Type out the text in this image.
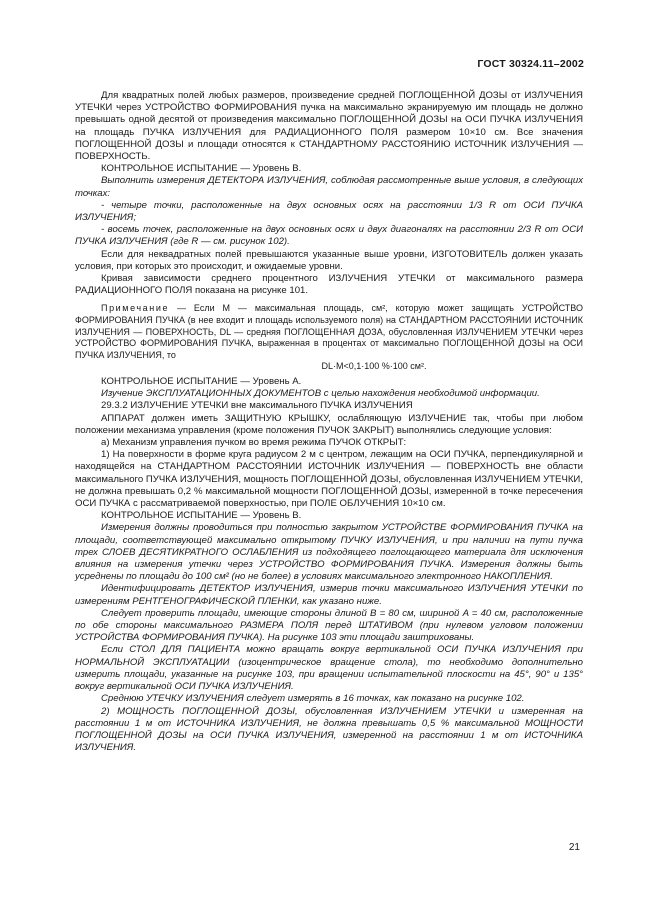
ГОСТ 30324.11–2002

Для квадратных полей любых размеров, произведение средней ПОГЛОЩЕННОЙ ДОЗЫ от ИЗЛУЧЕНИЯ УТЕЧКИ через УСТРОЙСТВО ФОРМИРОВАНИЯ пучка на максимально экранируемую им площадь не должно превышать одной десятой от произведения максимально ПОГЛОЩЕННОЙ ДОЗЫ на ОСИ ПУЧКА ИЗЛУЧЕНИЯ на площадь ПУЧКА ИЗЛУЧЕНИЯ для РАДИАЦИОННОГО ПОЛЯ размером 10×10 см. Все значения ПОГЛОЩЕННОЙ ДОЗЫ и площади относятся к СТАНДАРТНОМУ РАССТОЯНИЮ ИСТОЧНИК ИЗЛУЧЕНИЯ — ПОВЕРХНОСТЬ.

КОНТРОЛЬНОЕ ИСПЫТАНИЕ — Уровень В.

Выполнить измерения ДЕТЕКТОРА ИЗЛУЧЕНИЯ, соблюдая рассмотренные выше условия, в следующих точках:

- четыре точки, расположенные на двух основных осях на расстоянии 1/3 R от ОСИ ПУЧКА ИЗЛУЧЕНИЯ;

- восемь точек, расположенные на двух основных осях и двух диагоналях на расстоянии 2/3 R от ОСИ ПУЧКА ИЗЛУЧЕНИЯ (где R — см. рисунок 102).

Если для неквадратных полей превышаются указанные выше уровни, ИЗГОТОВИТЕЛЬ должен указать условия, при которых это происходит, и ожидаемые уровни.

Кривая зависимости среднего процентного ИЗЛУЧЕНИЯ УТЕЧКИ от максимального размера РАДИАЦИОННОГО ПОЛЯ показана на рисунке 101.

Примечание — Если M — максимальная площадь, см², которую может защищать УСТРОЙСТВО ФОРМИРОВАНИЯ ПУЧКА (в нее входит и площадь используемого поля) на СТАНДАРТНОМ РАССТОЯНИИ ИСТОЧНИК ИЗЛУЧЕНИЯ — ПОВЕРХНОСТЬ, DL — средняя ПОГЛОЩЕННАЯ ДОЗА, обусловленная ИЗЛУЧЕНИЕМ УТЕЧКИ через УСТРОЙСТВО ФОРМИРОВАНИЯ ПУЧКА, выраженная в процентах от максимально ПОГЛОЩЕННОЙ ДОЗЫ на ОСИ ПУЧКА ИЗЛУЧЕНИЯ, то

DL·M<0,1·100 %·100 см².

КОНТРОЛЬНОЕ ИСПЫТАНИЕ — Уровень А.

Изучение ЭКСПЛУАТАЦИОННЫХ ДОКУМЕНТОВ с целью нахождения необходимой информации.

29.3.2 ИЗЛУЧЕНИЕ УТЕЧКИ вне максимального ПУЧКА ИЗЛУЧЕНИЯ

АППАРАТ должен иметь ЗАЩИТНУЮ КРЫШКУ, ослабляющую ИЗЛУЧЕНИЕ так, чтобы при любом положении механизма управления (кроме положения ПУЧОК ЗАКРЫТ) выполнялись следующие условия:

а) Механизм управления пучком во время режима ПУЧОК ОТКРЫТ:

1) На поверхности в форме круга радиусом 2 м с центром, лежащим на ОСИ ПУЧКА, перпендикулярной и находящейся на СТАНДАРТНОМ РАССТОЯНИИ ИСТОЧНИК ИЗЛУЧЕНИЯ — ПОВЕРХНОСТЬ вне области максимального ПУЧКА ИЗЛУЧЕНИЯ, мощность ПОГЛОЩЕННОЙ ДОЗЫ, обусловленная ИЗЛУЧЕНИЕМ УТЕЧКИ, не должна превышать 0,2 % максимальной мощности ПОГЛОЩЕННОЙ ДОЗЫ, измеренной в точке пересечения ОСИ ПУЧКА с рассматриваемой поверхностью, при ПОЛЕ ОБЛУЧЕНИЯ 10×10 см.

КОНТРОЛЬНОЕ ИСПЫТАНИЕ — Уровень В.

Измерения должны проводиться при полностью закрытом УСТРОЙСТВЕ ФОРМИРОВАНИЯ ПУЧКА на площади, соответствующей максимально открытому ПУЧКУ ИЗЛУЧЕНИЯ, и при наличии на пути пучка трех СЛОЕВ ДЕСЯТИКРАТНОГО ОСЛАБЛЕНИЯ из подходящего поглощающего материала для исключения влияния на измерения утечки через УСТРОЙСТВО ФОРМИРОВАНИЯ ПУЧКА. Измерения должны быть усреднены по площади до 100 см² (но не более) в условиях максимального электронного НАКОПЛЕНИЯ.

Идентифицировать ДЕТЕКТОР ИЗЛУЧЕНИЯ, измерив точки максимального ИЗЛУЧЕНИЯ УТЕЧКИ по измерениям РЕНТГЕНОГРАФИЧЕСКОЙ ПЛЕНКИ, как указано ниже.

Следует проверить площади, имеющие стороны длиной B = 80 см, шириной A = 40 см, расположенные по обе стороны максимального РАЗМЕРА ПОЛЯ перед ШТАТИВОМ (при нулевом угловом положении УСТРОЙСТВА ФОРМИРОВАНИЯ ПУЧКА). На рисунке 103 эти площади заштрихованы.

Если СТОЛ ДЛЯ ПАЦИЕНТА можно вращать вокруг вертикальной ОСИ ПУЧКА ИЗЛУЧЕНИЯ при НОРМАЛЬНОЙ ЭКСПЛУАТАЦИИ (изоцентрическое вращение стола), то необходимо дополнительно измерить площади, указанные на рисунке 103, при вращении испытательной плоскости на 45°, 90° и 135° вокруг вертикальной ОСИ ПУЧКА ИЗЛУЧЕНИЯ.

Среднюю УТЕЧКУ ИЗЛУЧЕНИЯ следует измерять в 16 точках, как показано на рисунке 102.

2) МОЩНОСТЬ ПОГЛОЩЕННОЙ ДОЗЫ, обусловленная ИЗЛУЧЕНИЕМ УТЕЧКИ и измеренная на расстоянии 1 м от ИСТОЧНИКА ИЗЛУЧЕНИЯ, не должна превышать 0,5 % максимальной МОЩНОСТИ ПОГЛОЩЕННОЙ ДОЗЫ на ОСИ ПУЧКА ИЗЛУЧЕНИЯ, измеренной на расстоянии 1 м от ИСТОЧНИКА ИЗЛУЧЕНИЯ.

21
